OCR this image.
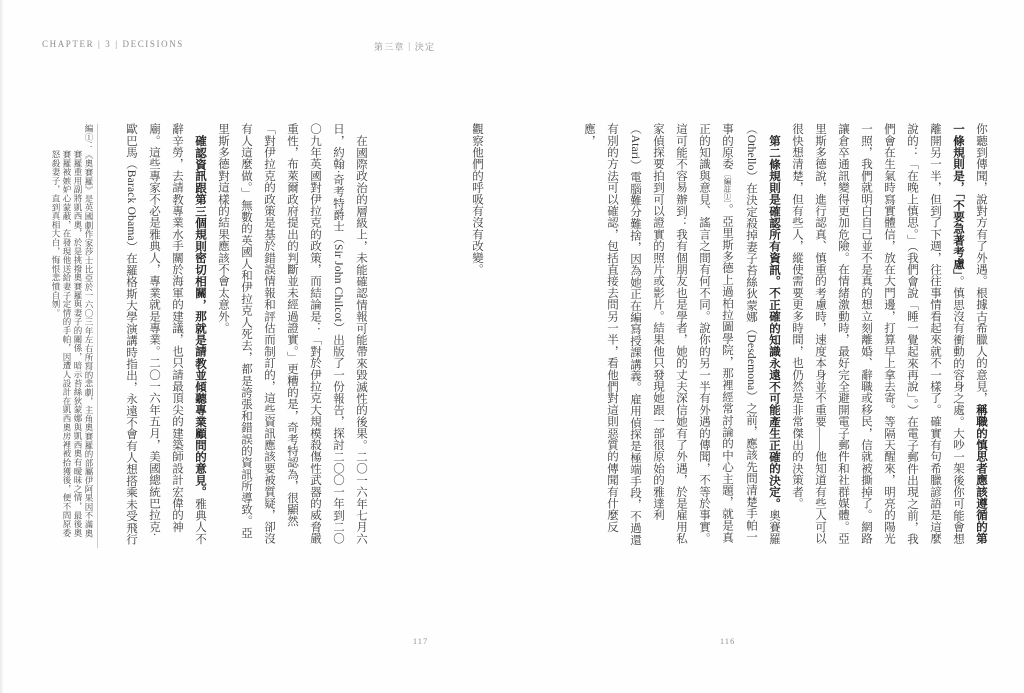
CHAPTER | 3 | DECISIONS	第三章｜決定

你聽到傳聞，說對方有了外遇。根據古希臘人的意見，稱職的慎思者應該遵循的第一條規則是，「不要急著考慮」。慎思沒有衝動的容身之處。大吵一架後你可能會想離開另一半，但到了下週，往往事情看起來就不一樣了。確實有句希臘諺語是這麼說的：「在晚上慎思。」（我們會說「睡一覺起來再說」。）在電子郵件出現之前，我們會在生氣時寫實體信，放在大門邊，打算早上拿去寄。等隔天醒來，明亮的陽光一照，我們就明白自己並不是真的想立刻離婚、辭職或移民，信就被撕掉了。網路讓倉卒通訊變得更加危險。在情緒激動時，最好完全避開電子郵件和社群媒體。亞里斯多德說，進行認真、慎重的考慮時，速度本身並不重要——他知道有些人可以很快想清楚，但有些人，縱使需要更多時間，也仍然是非常傑出的決策者。

第二條規則是確認所有資訊。不正確的知識永遠不可能產生正確的決定。奧賽羅（Othello）在決定殺掉妻子苔絲狄蒙娜（Desdemona）之前，應該先問清楚手帕一事的原委〔編註①〕。亞里斯多德上過柏拉圖學院，那裡經常討論的中心主題，就是真正的知識與意見、謠言之間有何不同。說你的另一半有外遇的傳聞，不等於事實。這可能不容易辦到：我有個朋友也是學者，她的丈夫深信她有了外遇，於是雇用私家偵探要拍到可以證實的照片或影片。結果他只發現她跟一部很原始的雅達利（Atari）電腦難分難捨，因為她正在編寫授課講義。雇用偵探是極端手段，不過還有別的方法可以確認，包括直接去問另一半，看他們對這則惡質的傳聞有什麼反應，

觀察他們的呼吸有沒有改變。

在國際政治的層級上，未能確認情報可能帶來毀滅性的後果。二〇一六年七月六日，約翰·奇考特爵士（Sir John Chilcot）出版了一份報告，探討二〇〇一年到二〇〇九年英國對伊拉克的政策，而結論是：「對於伊拉克大規模殺傷性武器的威脅嚴重性，布萊爾政府提出的判斷並未經過證實。」更糟的是，奇考特認為，很顯然「對伊拉克的政策是基於錯誤情報和評估而制訂的，這些資訊應該要被質疑，卻沒有人這麼做。」無數的英國人和伊拉克人死去，都是誇張和錯誤的資訊所導致。亞里斯多德對這樣的結果應該不會太意外。

確認資訊跟第三個規則密切相關，那就是請教並傾聽專業顧問的意見。雅典人不辭辛勞，去請教專業水手關於海軍的建議，也只請最頂尖的建築師設計宏偉的神廟。這些專家不必是雅典人，專業就是專業。二〇一六年五月，美國總統巴拉克·歐巴馬（Barack Obama）在羅格斯大學演講時指出，永遠不會有人想搭乘未受飛行

編①：《奧賽羅》是英國劇作家莎士比亞於一六〇三年左右所寫的悲劇，主角奧賽羅的部屬伊阿果因不滿奧賽羅重用副將凱西奧，於是挑撥奧賽羅與妻子的關係，暗示苔絲狄蒙娜與凱西奧有曖昧之情，最後奧賽羅被嫉妒心蒙蔽，在發現他送給妻子定情的手帕，因遭人設計在凱西奧房裡被拾獲後，便不問原委怒殺妻子，直到真相大白，悔恨悲憤自刎。

117	116
